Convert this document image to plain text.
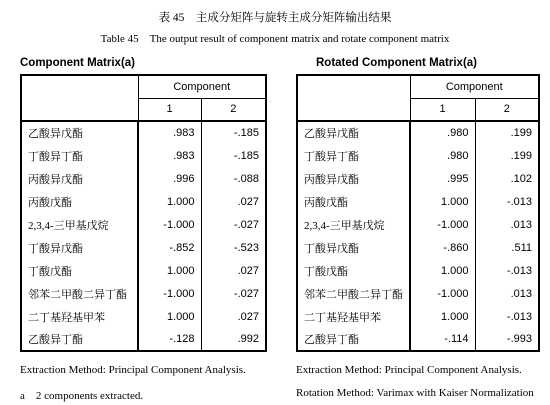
表 45　主成分矩阵与旋转主成分矩阵输出结果
Table 45　The output result of component matrix and rotate component matrix
Component Matrix(a)	Rotated Component Matrix(a)
	Component	
	1	2
乙酸异戊酯	.983	-.185
丁酸异丁酯	.983	-.185
丙酸异戊酯	.996	-.088
丙酸戊酯	1.000	.027
2,3,4-三甲基戊烷	-1.000	-.027
丁酸异戊酯	-.852	-.523
丁酸戊酯	1.000	.027
邻苯二甲酸二异丁酯	-1.000	-.027
二丁基羟基甲苯	1.000	.027
乙酸异丁酯	-.128	.992
	Component	
	1	2
乙酸异戊酯	.980	.199
丁酸异丁酯	.980	.199
丙酸异戊酯	.995	.102
丙酸戊酯	1.000	-.013
2,3,4-三甲基戊烷	-1.000	.013
丁酸异戊酯	-.860	.511
丁酸戊酯	1.000	-.013
邻苯二甲酸二异丁酯	-1.000	.013
二丁基羟基甲苯	1.000	-.013
乙酸异丁酯	-.114	-.993
Extraction Method: Principal Component Analysis.
a　2 components extracted.
Extraction Method: Principal Component Analysis.
Rotation Method: Varimax with Kaiser Normalization
